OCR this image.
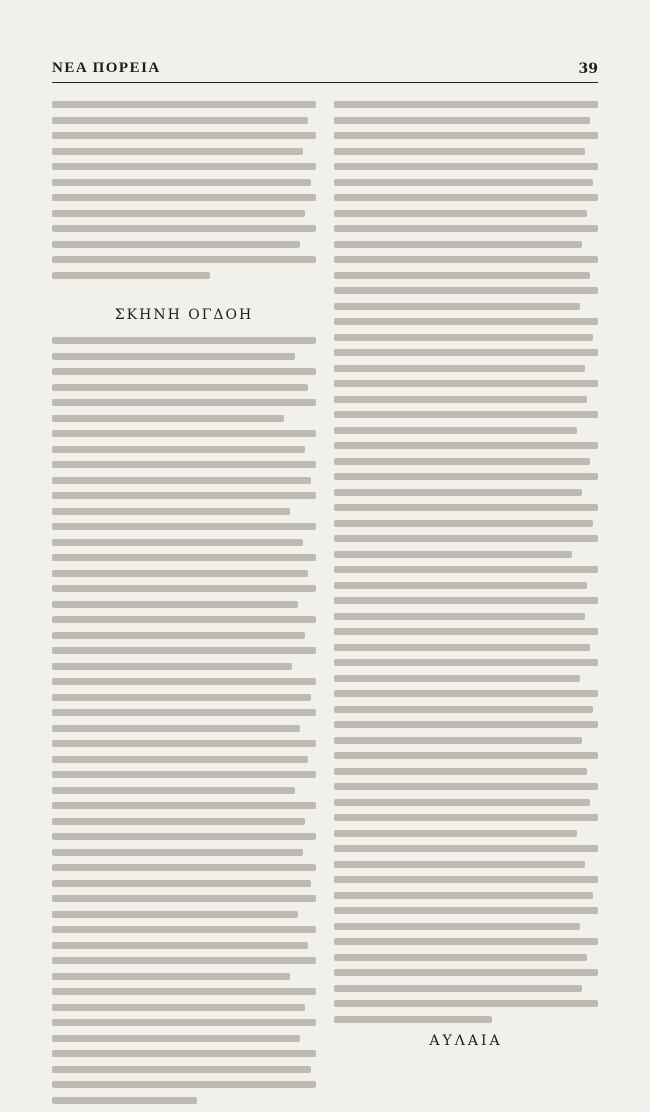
ΝΕΑ ΠΟΡΕΙΑ	39
ΣΚΗΝΗ ΟΓΔΟΗ
ΑΥΛΑΙΑ
